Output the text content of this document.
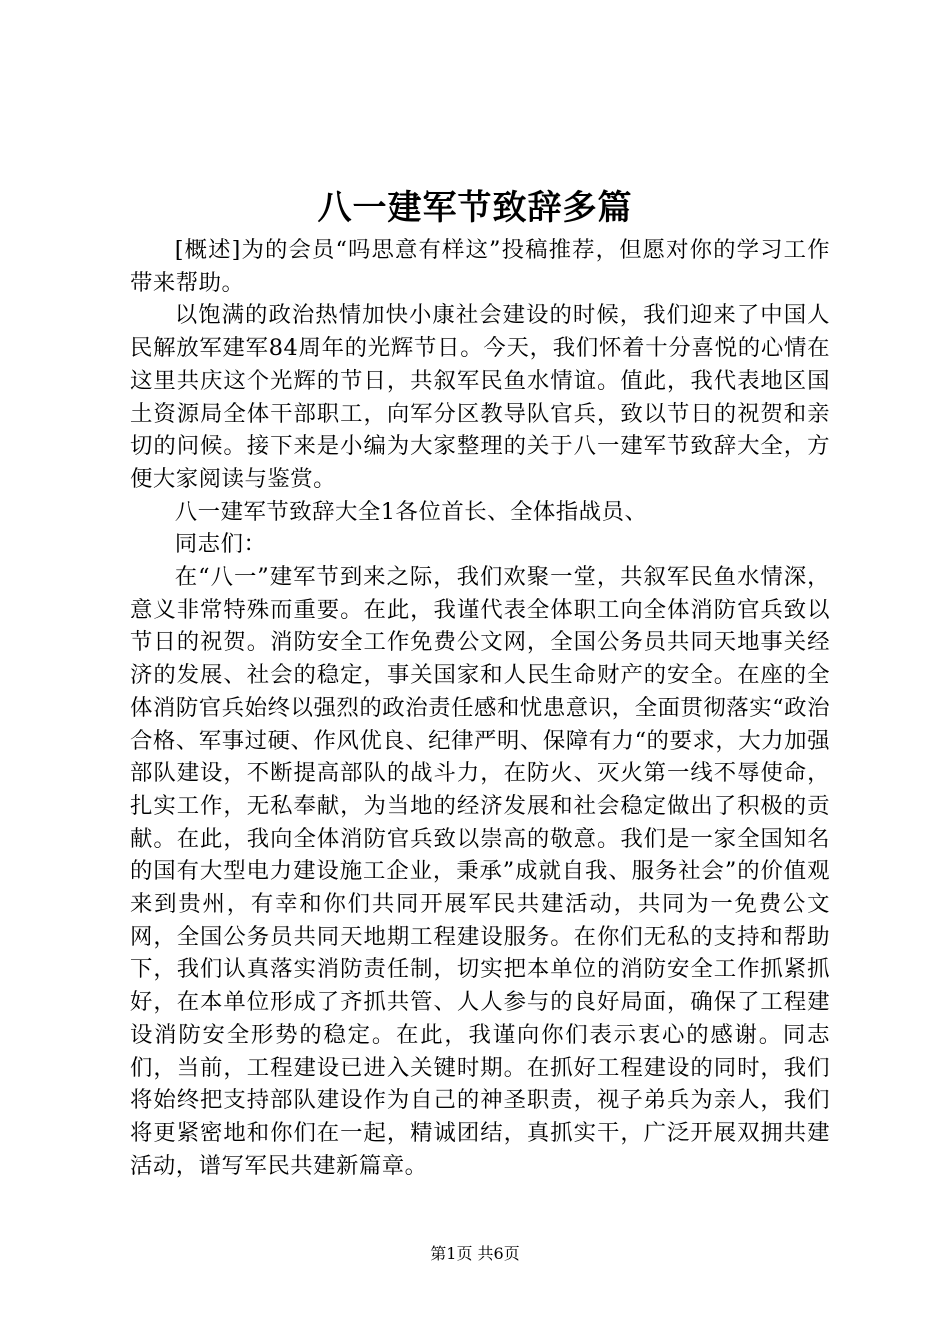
八一建军节致辞多篇

[概述]为的会员“吗思意有样这”投稿推荐，但愿对你的学习工作带来帮助。

以饱满的政治热情加快小康社会建设的时候，我们迎来了中国人民解放军建军84周年的光辉节日。今天，我们怀着十分喜悦的心情在这里共庆这个光辉的节日，共叙军民鱼水情谊。值此，我代表地区国土资源局全体干部职工，向军分区教导队官兵，致以节日的祝贺和亲切的问候。接下来是小编为大家整理的关于八一建军节致辞大全，方便大家阅读与鉴赏。

八一建军节致辞大全1各位首长、全体指战员、

同志们：

在“八一”建军节到来之际，我们欢聚一堂，共叙军民鱼水情深，意义非常特殊而重要。在此，我谨代表全体职工向全体消防官兵致以节日的祝贺。消防安全工作免费公文网，全国公务员共同天地事关经济的发展、社会的稳定，事关国家和人民生命财产的安全。在座的全体消防官兵始终以强烈的政治责任感和忧患意识，全面贯彻落实“政治合格、军事过硬、作风优良、纪律严明、保障有力“的要求，大力加强部队建设，不断提高部队的战斗力，在防火、灭火第一线不辱使命，扎实工作，无私奉献，为当地的经济发展和社会稳定做出了积极的贡献。在此，我向全体消防官兵致以崇高的敬意。我们是一家全国知名的国有大型电力建设施工企业，秉承”成就自我、服务社会”的价值观来到贵州，有幸和你们共同开展军民共建活动，共同为一免费公文网，全国公务员共同天地期工程建设服务。在你们无私的支持和帮助下，我们认真落实消防责任制，切实把本单位的消防安全工作抓紧抓好，在本单位形成了齐抓共管、人人参与的良好局面，确保了工程建设消防安全形势的稳定。在此，我谨向你们表示衷心的感谢。同志们，当前，工程建设已进入关键时期。在抓好工程建设的同时，我们将始终把支持部队建设作为自己的神圣职责，视子弟兵为亲人，我们将更紧密地和你们在一起，精诚团结，真抓实干，广泛开展双拥共建活动，谱写军民共建新篇章。

第1页 共6页
